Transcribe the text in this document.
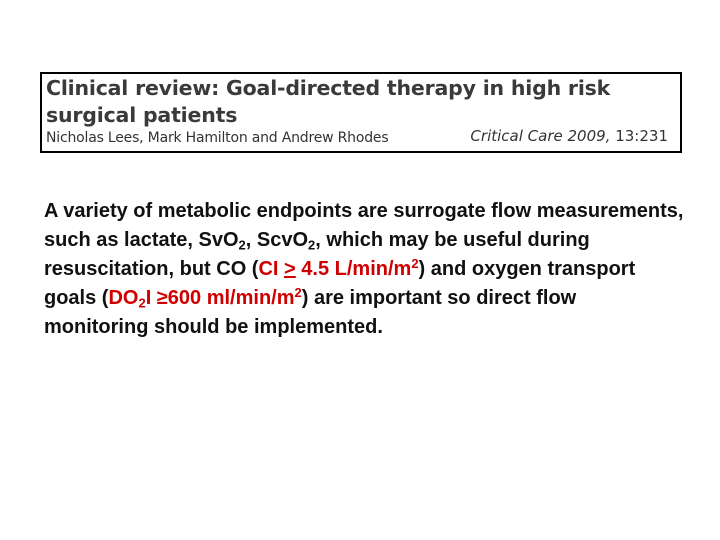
Clinical review: Goal-directed therapy in high risk surgical patients
Nicholas Lees, Mark Hamilton and Andrew Rhodes	Critical Care 2009, 13:231

A variety of metabolic endpoints are surrogate flow measurements, such as lactate, SvO$_2$, ScvO$_2$, which may be useful during resuscitation, but CO (CI > 4.5 $L/\min/m^2$) and oxygen transport goals ($DO_2I \ge 600$ $ml/\min/m^2$) are important so direct flow monitoring should be implemented.
